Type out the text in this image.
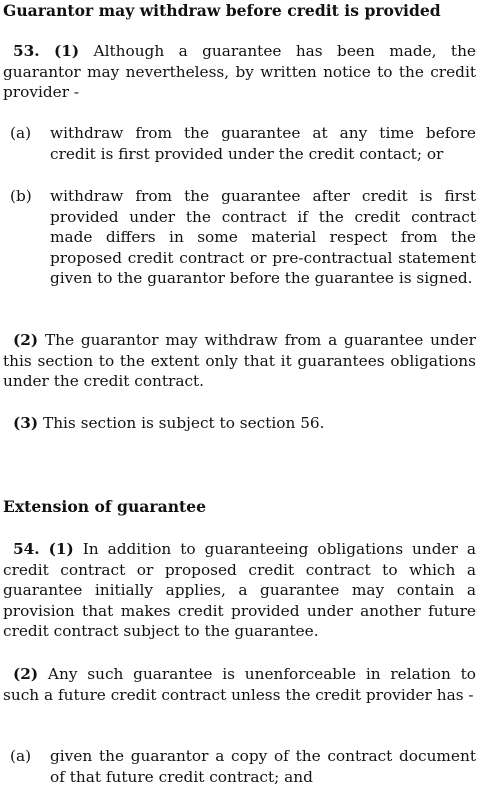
Guarantor may withdraw before credit is provided
53. (1) Although a guarantee has been made, the guarantor may nevertheless, by written notice to the credit provider -
(a)	withdraw from the guarantee at any time before credit is first provided under the credit contact; or
(b)	withdraw from the guarantee after credit is first provided under the contract if the credit contract made differs in some material respect from the proposed credit contract or pre-contractual statement given to the guarantor before the guarantee is signed.
(2) The guarantor may withdraw from a guarantee under this section to the extent only that it guarantees obligations under the credit contract.
(3) This section is subject to section 56.
Extension of guarantee
54. (1) In addition to guaranteeing obligations under a credit contract or proposed credit contract to which a guarantee initially applies, a guarantee may contain a provision that makes credit provided under another future credit contract subject to the guarantee.
(2) Any such guarantee is unenforceable in relation to such a future credit contract unless the credit provider has -
(a)	given the guarantor a copy of the contract document of that future credit contract; and
